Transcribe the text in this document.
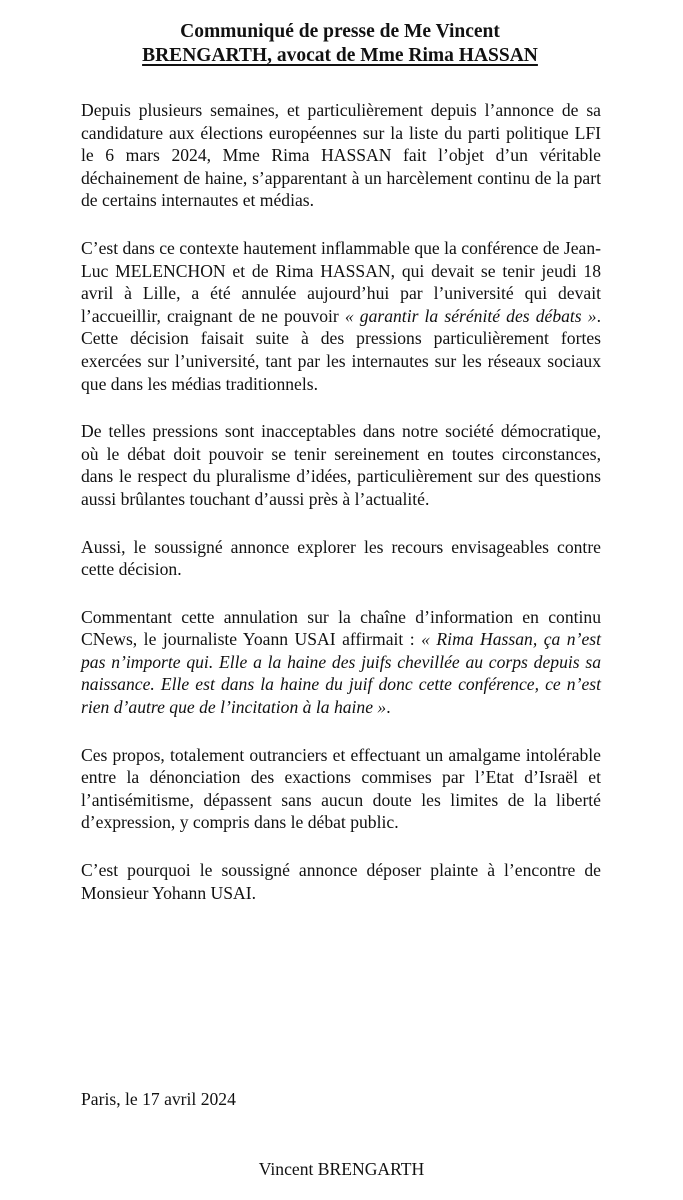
Communiqué de presse de Me Vincent
BRENGARTH, avocat de Mme Rima HASSAN

Depuis plusieurs semaines, et particulièrement depuis l’annonce de sa candidature aux élections européennes sur la liste du parti politique LFI le 6 mars 2024, Mme Rima HASSAN fait l’objet d’un véritable déchainement de haine, s’apparentant à un harcèlement continu de la part de certains internautes et médias.

C’est dans ce contexte hautement inflammable que la conférence de Jean-Luc MELENCHON et de Rima HASSAN, qui devait se tenir jeudi 18 avril à Lille, a été annulée aujourd’hui par l’université qui devait l’accueillir, craignant de ne pouvoir « garantir la sérénité des débats ». Cette décision faisait suite à des pressions particulièrement fortes exercées sur l’université, tant par les internautes sur les réseaux sociaux que dans les médias traditionnels.

De telles pressions sont inacceptables dans notre société démocratique, où le débat doit pouvoir se tenir sereinement en toutes circonstances, dans le respect du pluralisme d’idées, particulièrement sur des questions aussi brûlantes touchant d’aussi près à l’actualité.

Aussi, le soussigné annonce explorer les recours envisageables contre cette décision.

Commentant cette annulation sur la chaîne d’information en continu CNews, le journaliste Yoann USAI affirmait : « Rima Hassan, ça n’est pas n’importe qui. Elle a la haine des juifs chevillée au corps depuis sa naissance. Elle est dans la haine du juif donc cette conférence, ce n’est rien d’autre que de l’incitation à la haine ».

Ces propos, totalement outranciers et effectuant un amalgame intolérable entre la dénonciation des exactions commises par l’Etat d’Israël et l’antisémitisme, dépassent sans aucun doute les limites de la liberté d’expression, y compris dans le débat public.

C’est pourquoi le soussigné annonce déposer plainte à l’encontre de Monsieur Yohann USAI.

Paris, le 17 avril 2024
Vincent BRENGARTH
